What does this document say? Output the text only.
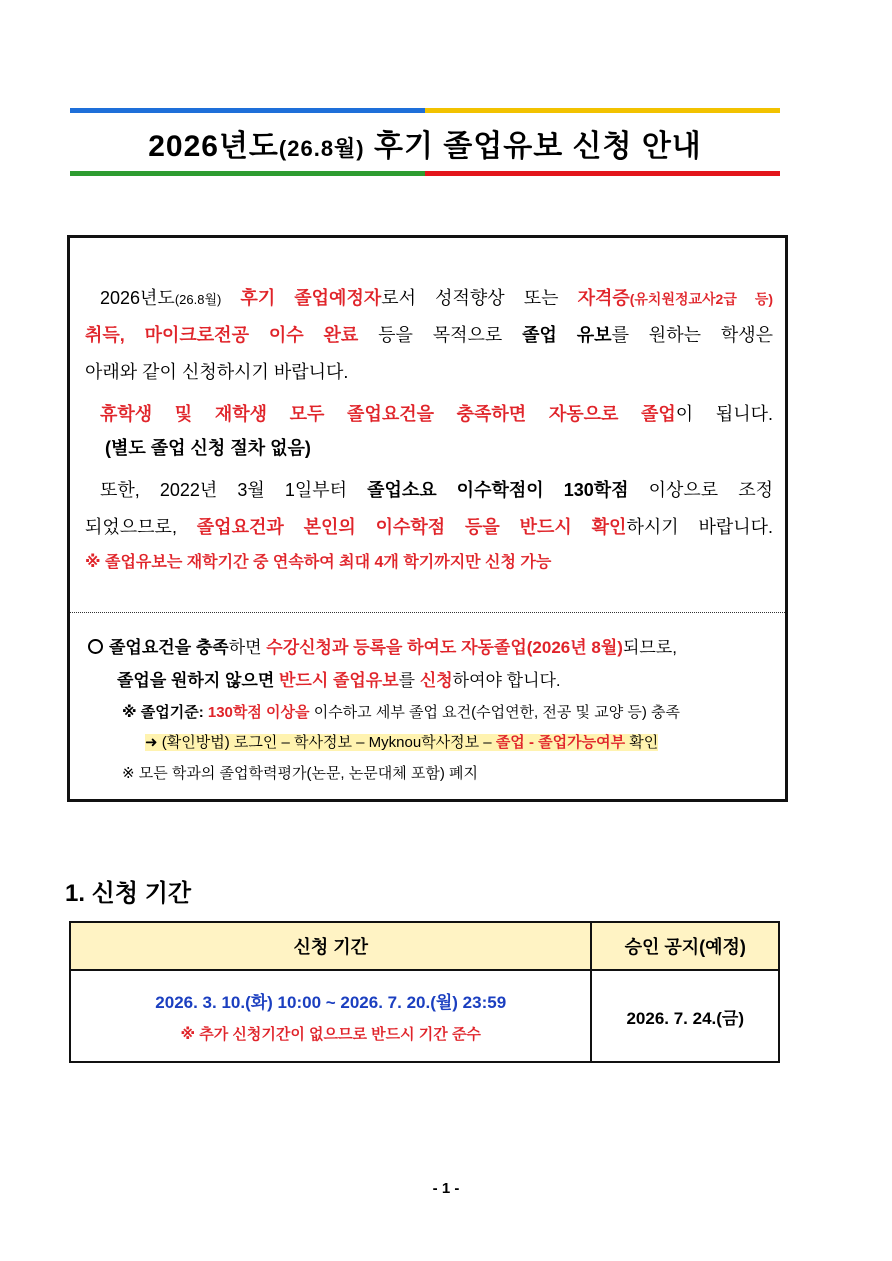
2026년도(26.8월) 후기 졸업유보 신청 안내
2026년도(26.8월) 후기 졸업예정자로서 성적향상 또는 자격증(유치원정교사2급 등)
취득, 마이크로전공 이수 완료 등을 목적으로 졸업 유보를 원하는 학생은
아래와 같이 신청하시기 바랍니다.
휴학생 및 재학생 모두 졸업요건을 충족하면 자동으로 졸업이 됩니다.
(별도 졸업 신청 절차 없음)
또한, 2022년 3월 1일부터 졸업소요 이수학점이 130학점 이상으로 조정
되었으므로, 졸업요건과 본인의 이수학점 등을 반드시 확인하시기 바랍니다.
※ 졸업유보는 재학기간 중 연속하여 최대 4개 학기까지만 신청 가능
졸업요건을 충족하면 수강신청과 등록을 하여도 자동졸업(2026년 8월)되므로,
졸업을 원하지 않으면 반드시 졸업유보를 신청하여야 합니다.
※ 졸업기준: 130학점 이상을 이수하고 세부 졸업 요건(수업연한, 전공 및 교양 등) 충족
➜ (확인방법) 로그인 – 학사정보 – Myknou학사정보 – 졸업 - 졸업가능여부 확인
※ 모든 학과의 졸업학력평가(논문, 논문대체 포함) 폐지
1. 신청 기간
신청 기간	승인 공지(예정)

2026. 3. 10.(화) 10:00 ~ 2026. 7. 20.(월) 23:59
※ 추가 신청기간이 없으므로 반드시 기간 준수	2026. 7. 24.(금)
- 1 -
